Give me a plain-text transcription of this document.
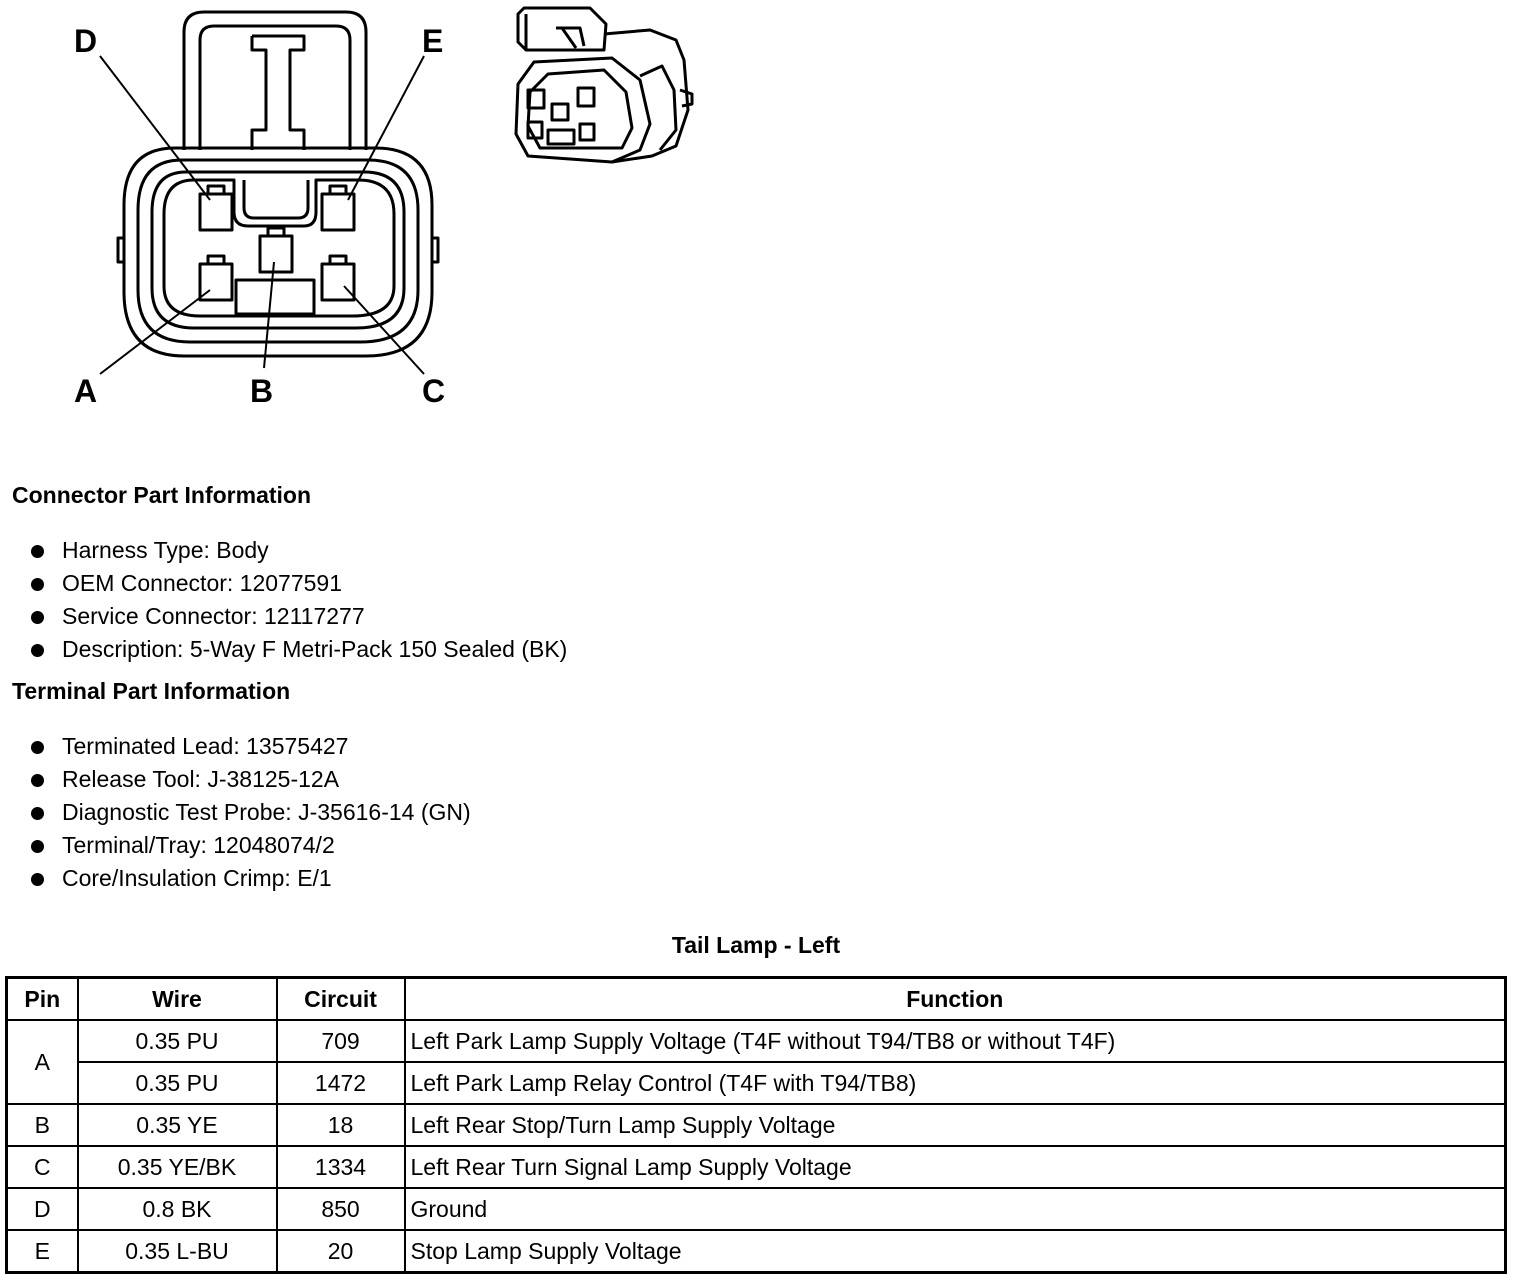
D	E
A	B	C
Connector Part Information
Harness Type: Body
OEM Connector: 12077591
Service Connector: 12117277
Description: 5-Way F Metri-Pack 150 Sealed (BK)
Terminal Part Information
Terminated Lead: 13575427
Release Tool: J-38125-12A
Diagnostic Test Probe: J-35616-14 (GN)
Terminal/Tray: 12048074/2
Core/Insulation Crimp: E/1
Tail Lamp - Left
Pin	Wire	Circuit	Function
A	0.35 PU	709	Left Park Lamp Supply Voltage (T4F without T94/TB8 or without T4F)
	0.35 PU	1472	Left Park Lamp Relay Control (T4F with T94/TB8)
B	0.35 YE	18	Left Rear Stop/Turn Lamp Supply Voltage
C	0.35 YE/BK	1334	Left Rear Turn Signal Lamp Supply Voltage
D	0.8 BK	850	Ground
E	0.35 L-BU	20	Stop Lamp Supply Voltage
